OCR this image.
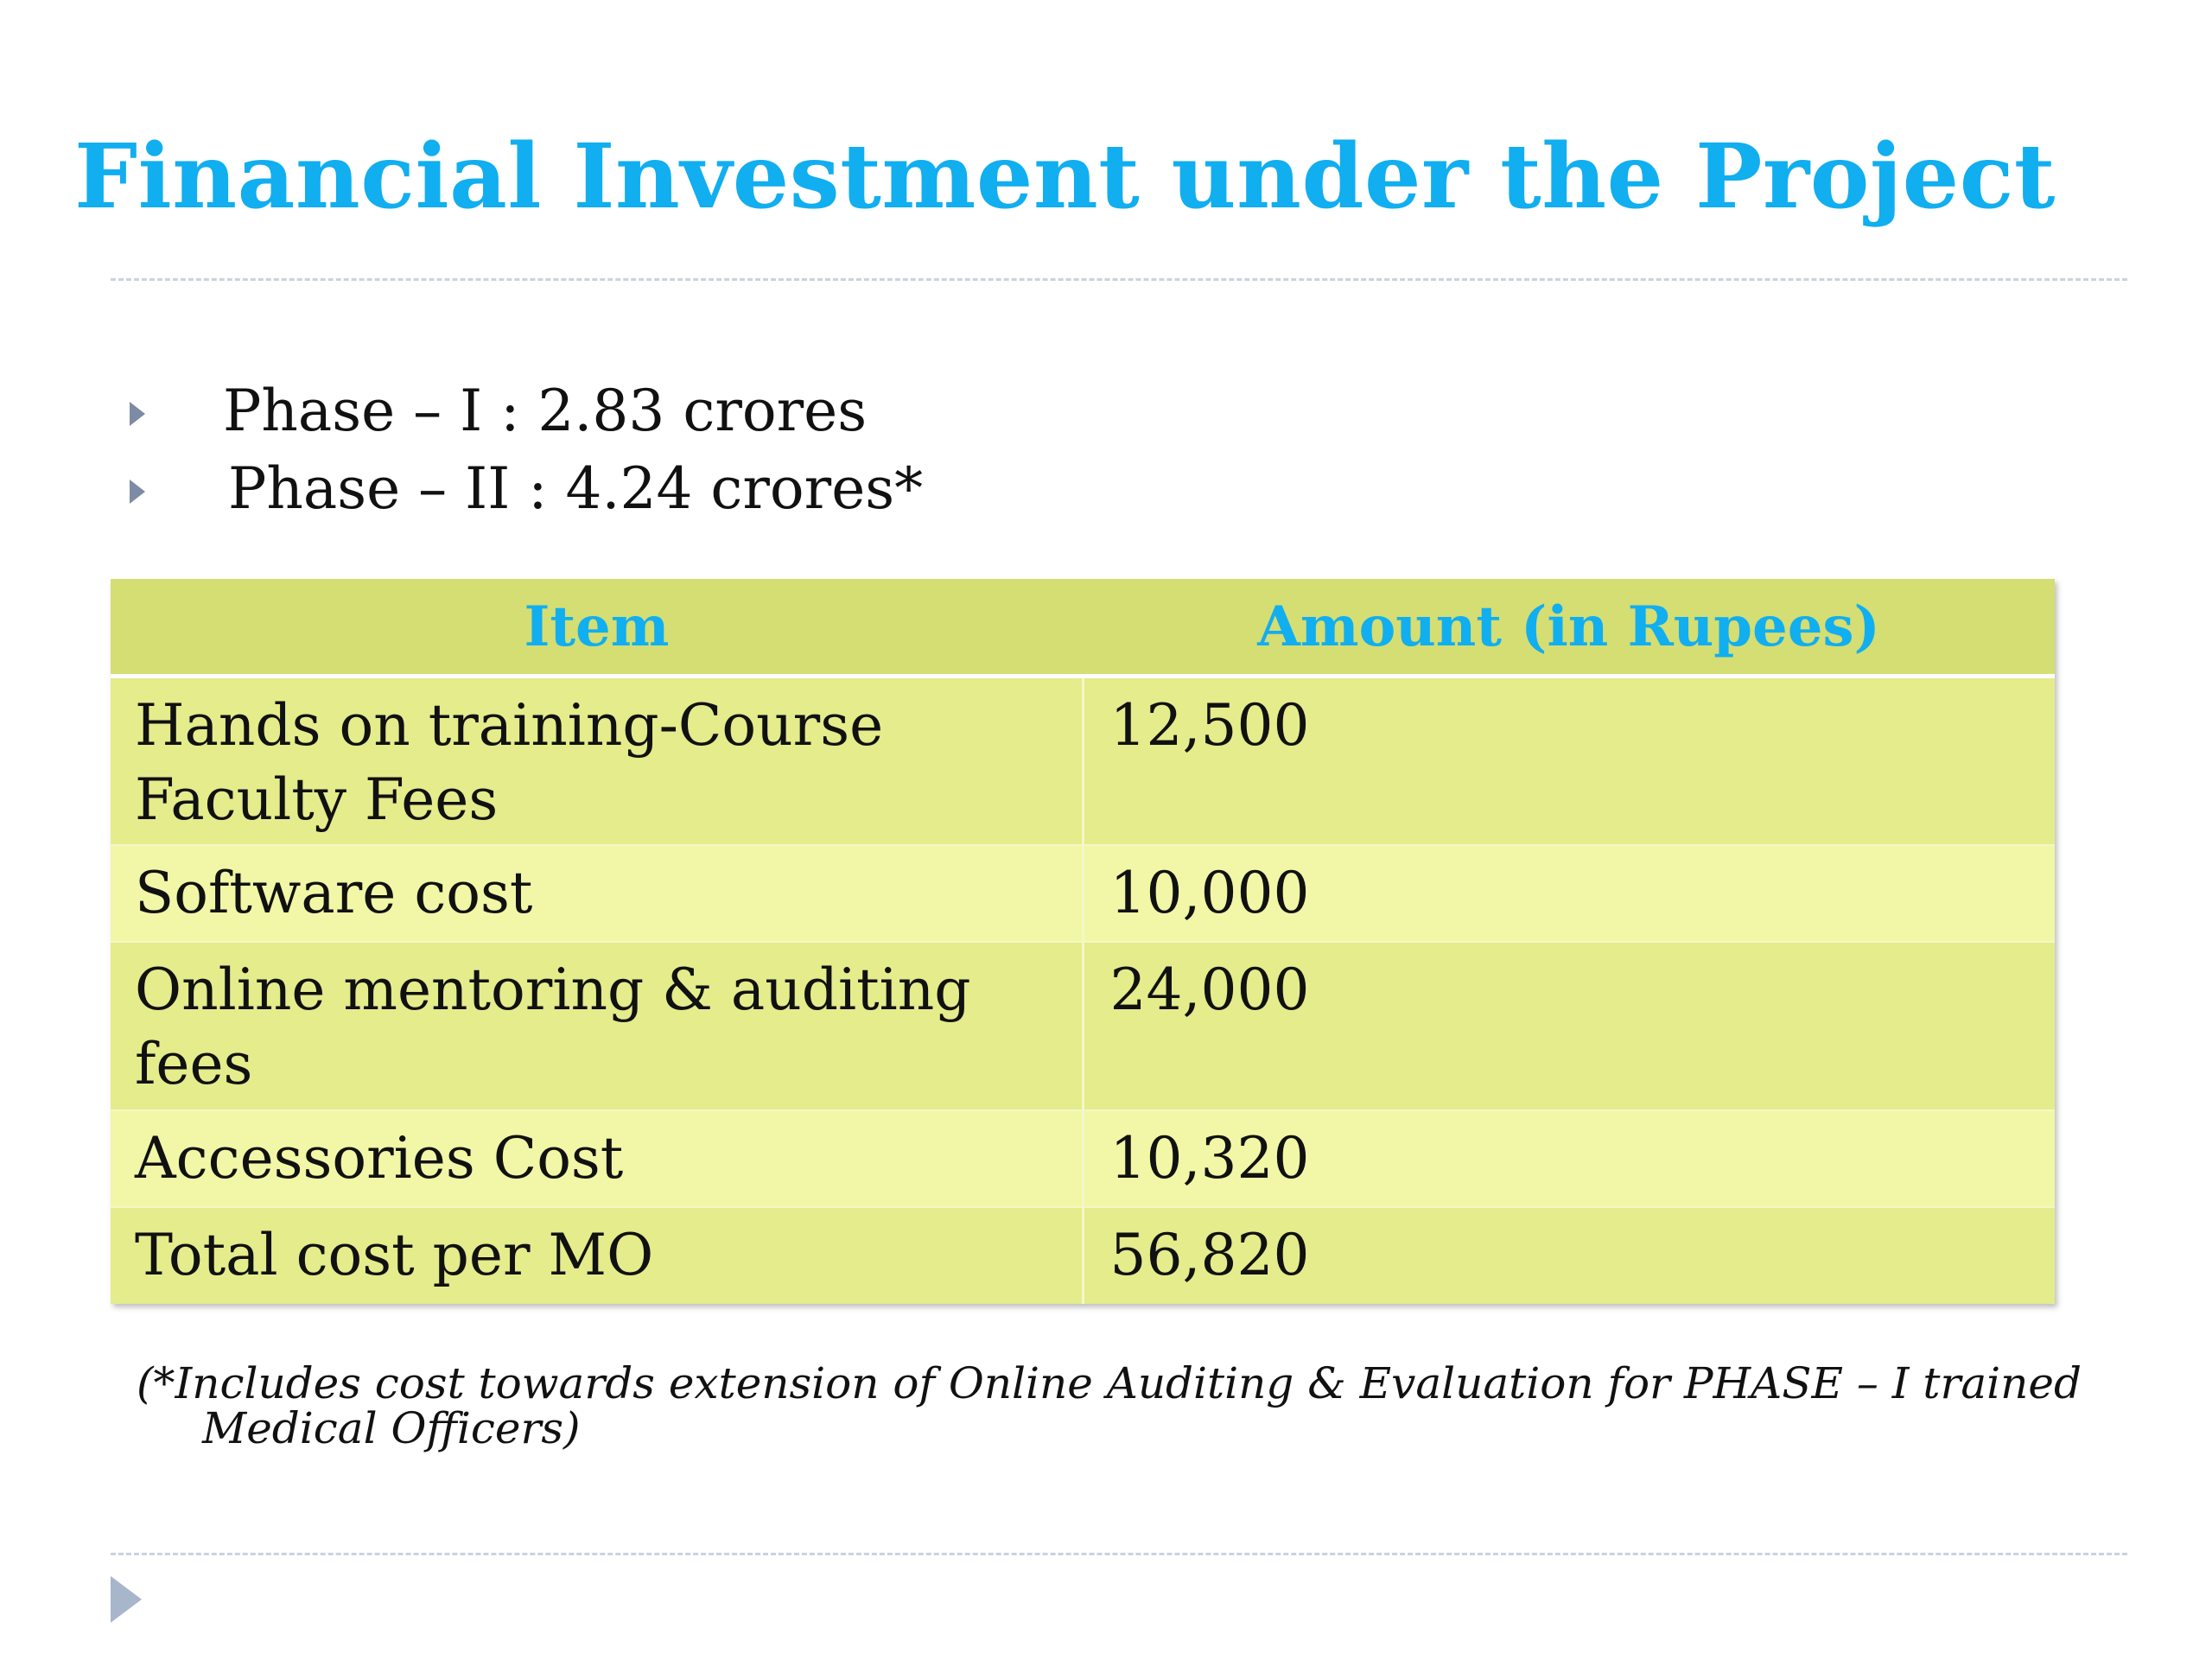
Financial Investment under the Project
Phase – I : 2.83 crores
Phase – II : 4.24 crores*
Item	Amount (in Rupees)
Hands on training-Course Faculty Fees	12,500
Software cost	10,000
Online mentoring & auditing fees	24,000
Accessories Cost	10,320
Total cost per MO	56,820

(*Includes cost towards extension of Online Auditing & Evaluation for PHASE – I trained
Medical Officers)
